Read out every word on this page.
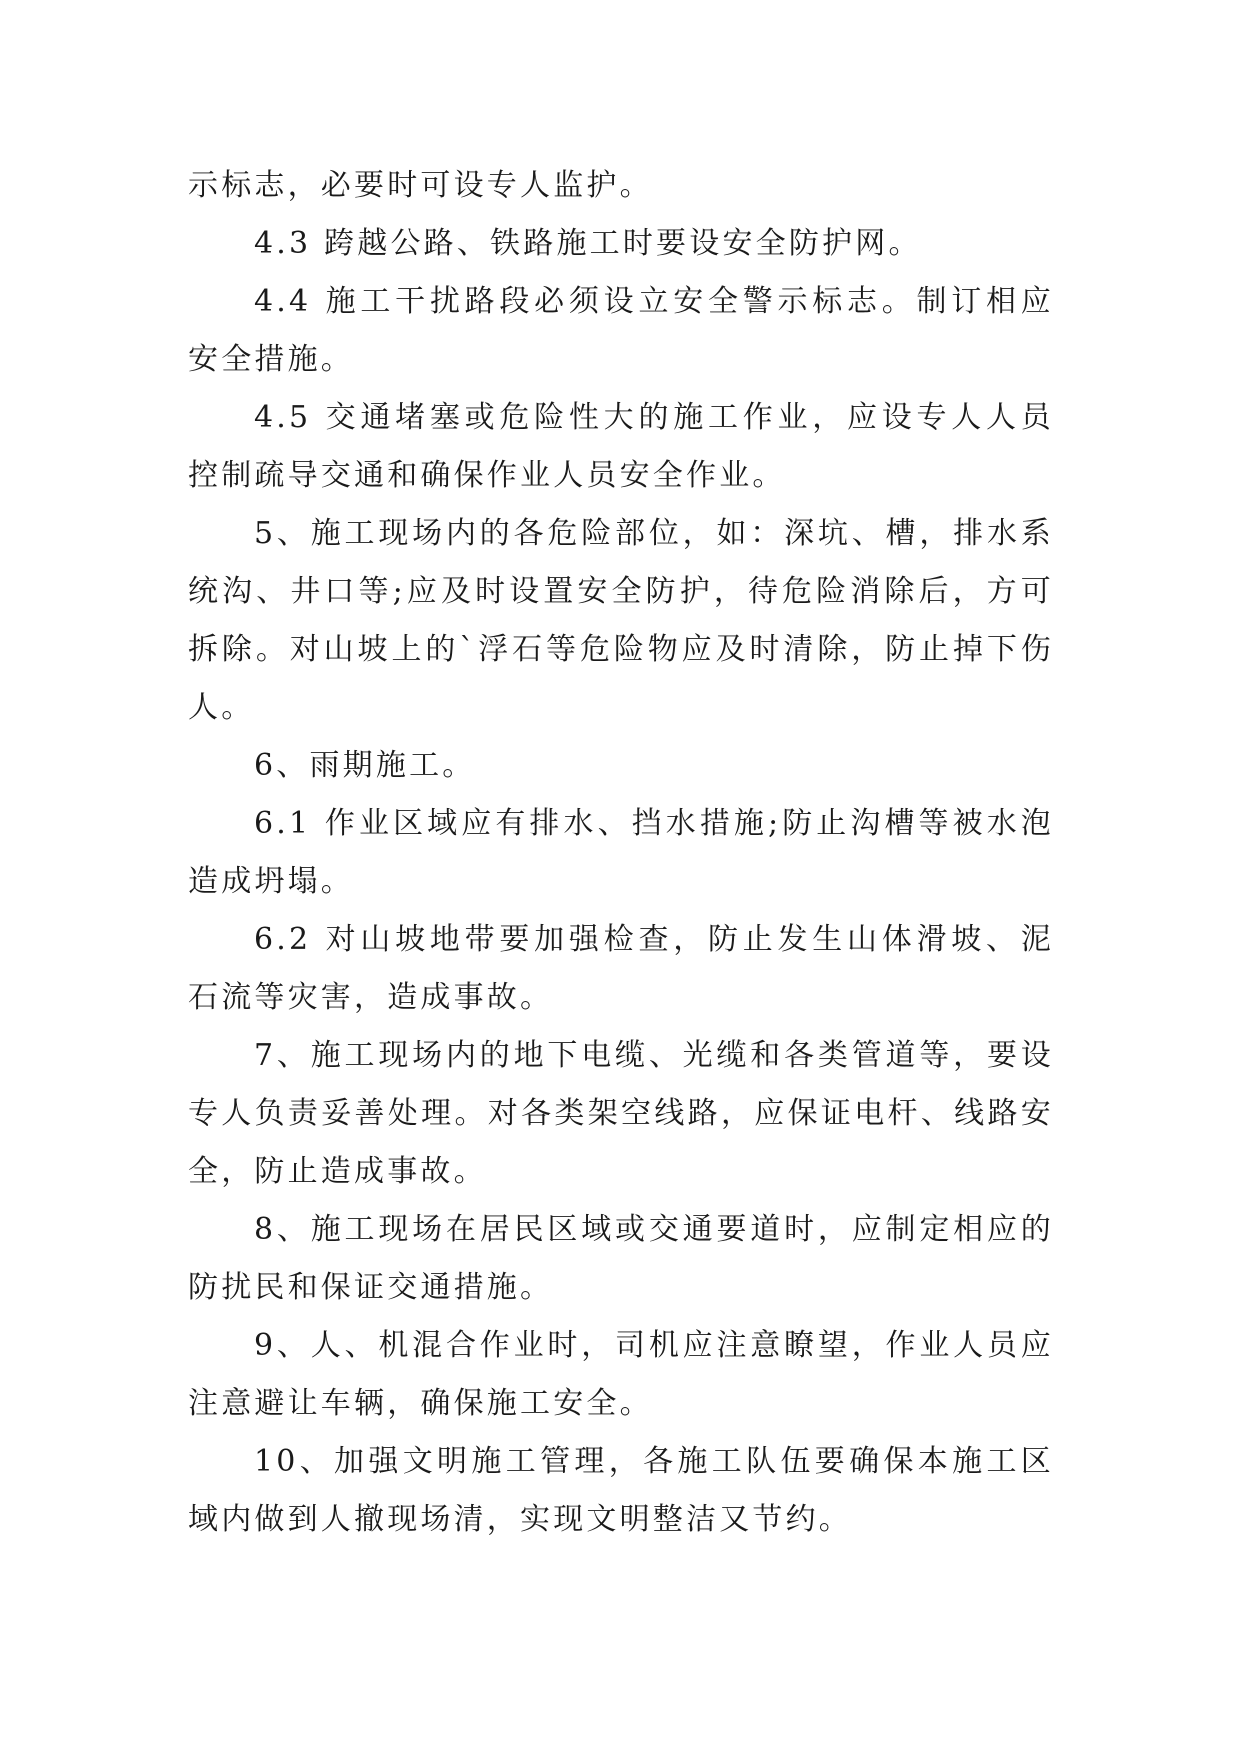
示标志，必要时可设专人监护。

4.3 跨越公路、铁路施工时要设安全防护网。

4.4 施工干扰路段必须设立安全警示标志。制订相应安全措施。

4.5 交通堵塞或危险性大的施工作业，应设专人人员控制疏导交通和确保作业人员安全作业。

5、施工现场内的各危险部位，如：深坑、槽，排水系统沟、井口等;应及时设置安全防护，待危险消除后，方可拆除。对山坡上的`浮石等危险物应及时清除，防止掉下伤人。

6、雨期施工。

6.1 作业区域应有排水、挡水措施;防止沟槽等被水泡造成坍塌。

6.2 对山坡地带要加强检查，防止发生山体滑坡、泥石流等灾害，造成事故。

7、施工现场内的地下电缆、光缆和各类管道等，要设专人负责妥善处理。对各类架空线路，应保证电杆、线路安全，防止造成事故。

8、施工现场在居民区域或交通要道时，应制定相应的防扰民和保证交通措施。

9、人、机混合作业时，司机应注意瞭望，作业人员应注意避让车辆，确保施工安全。

10、加强文明施工管理，各施工队伍要确保本施工区域内做到人撤现场清，实现文明整洁又节约。
